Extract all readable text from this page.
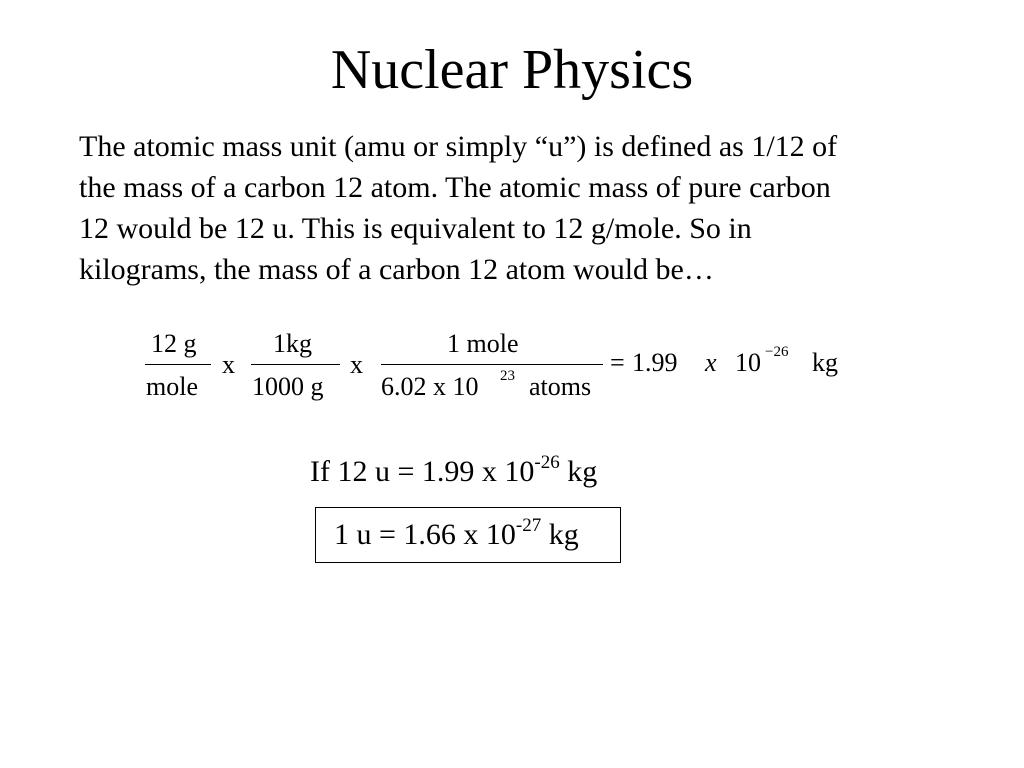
Nuclear Physics
The atomic mass unit (amu or simply “u”) is defined as 1/12 of
the mass of a carbon 12 atom. The atomic mass of pure carbon
12 would be 12 u. This is equivalent to 12 g/mole. So in
kilograms, the mass of a carbon 12 atom would be…
12 g
mole
x
1kg
1000 g
x
1 mole
6.02 x 10 23 atoms
= 1.99 x 10 −26 kg
If 12 u = 1.99 x $10^{-26}$ kg
1 u = 1.66 x $10^{-27}$ kg
